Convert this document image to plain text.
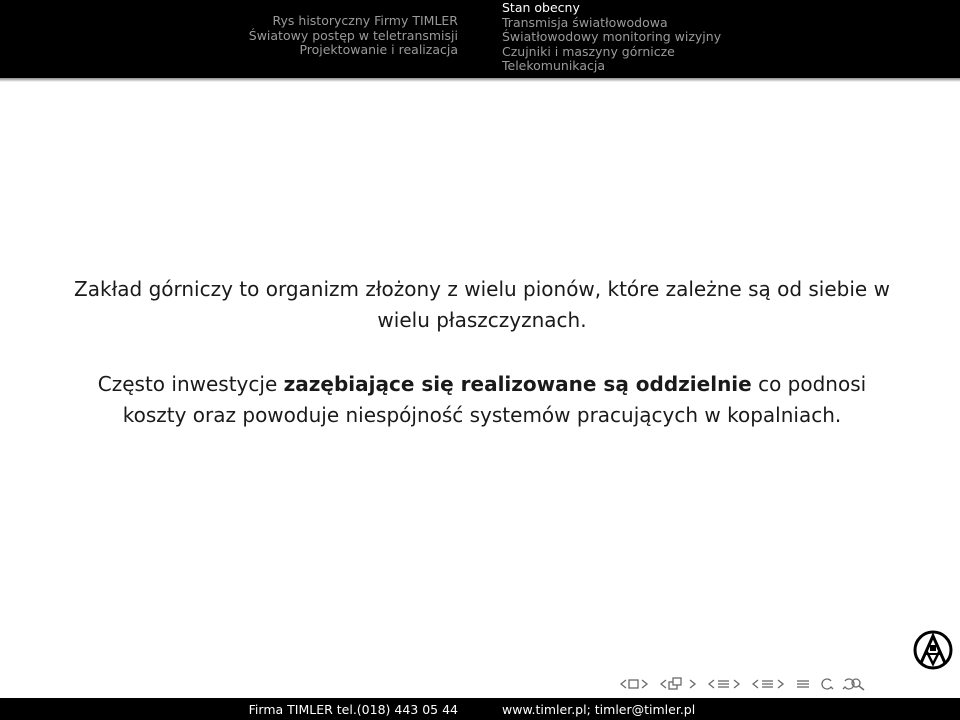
Rys historyczny Firmy TIMLER
Światowy postęp w teletransmisji
Projektowanie i realizacja
Stan obecny
Transmisja światłowodowa
Światłowodowy monitoring wizyjny
Czujniki i maszyny górnicze
Telekomunikacja
Zakład górniczy to organizm złożony z wielu pionów, które zależne są od siebie w wielu płaszczyznach.
Często inwestycje zazębiające się realizowane są oddzielnie co podnosi koszty oraz powoduje niespójność systemów pracujących w kopalniach.
Firma TIMLER tel.(018) 443 05 44	www.timler.pl; timler@timler.pl
